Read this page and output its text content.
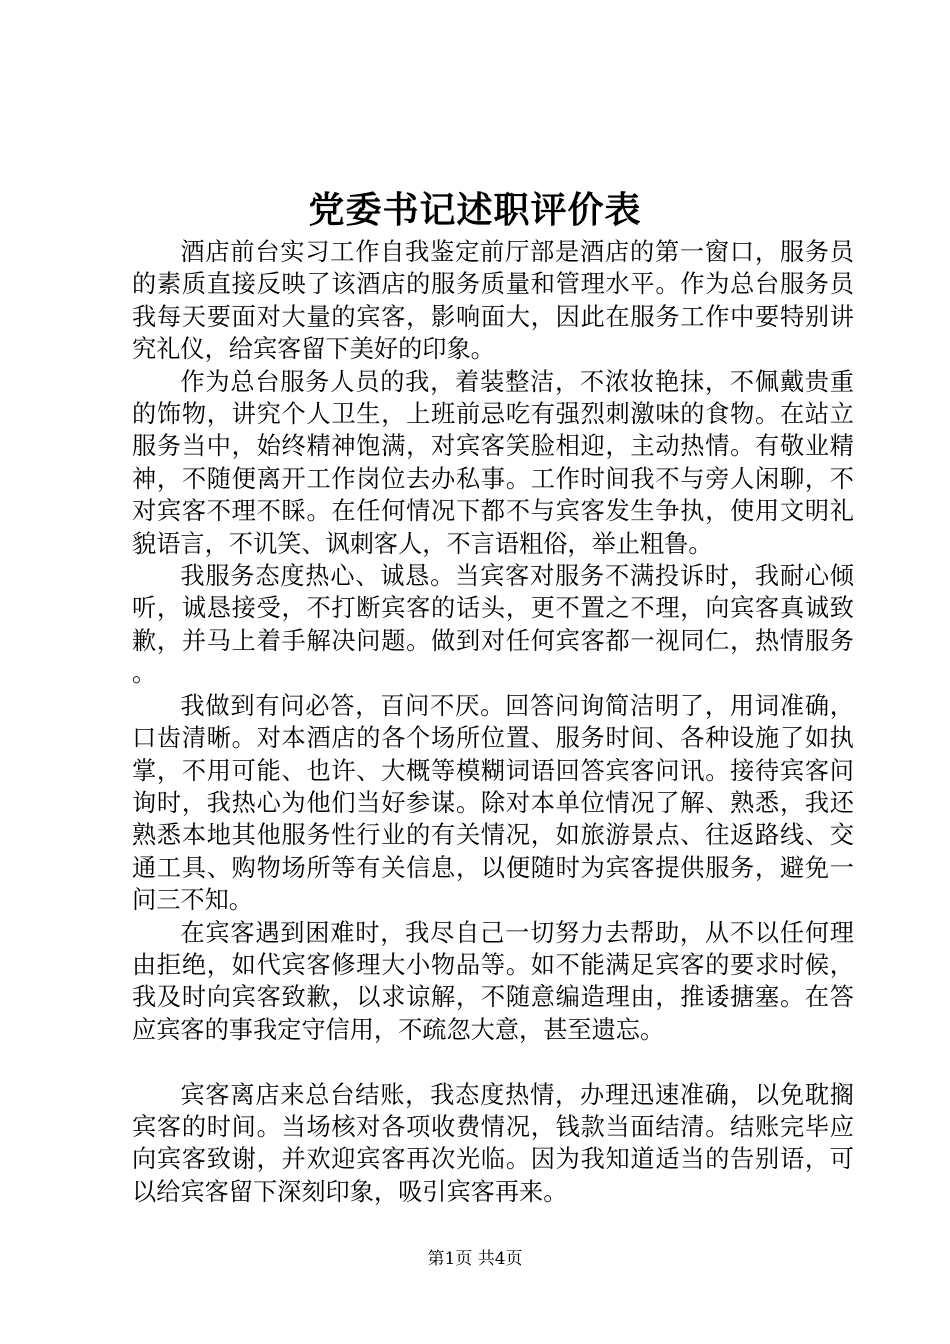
党委书记述职评价表

酒店前台实习工作自我鉴定前厅部是酒店的第一窗口，服务员的素质直接反映了该酒店的服务质量和管理水平。作为总台服务员我每天要面对大量的宾客，影响面大，因此在服务工作中要特别讲究礼仪，给宾客留下美好的印象。

作为总台服务人员的我，着装整洁，不浓妆艳抹，不佩戴贵重的饰物，讲究个人卫生，上班前忌吃有强烈刺激味的食物。在站立服务当中，始终精神饱满，对宾客笑脸相迎，主动热情。有敬业精神，不随便离开工作岗位去办私事。工作时间我不与旁人闲聊，不对宾客不理不睬。在任何情况下都不与宾客发生争执，使用文明礼貌语言，不讥笑、讽刺客人，不言语粗俗，举止粗鲁。

我服务态度热心、诚恳。当宾客对服务不满投诉时，我耐心倾听，诚恳接受，不打断宾客的话头，更不置之不理，向宾客真诚致歉，并马上着手解决问题。做到对任何宾客都一视同仁，热情服务。

我做到有问必答，百问不厌。回答问询简洁明了，用词准确，口齿清晰。对本酒店的各个场所位置、服务时间、各种设施了如执掌，不用可能、也许、大概等模糊词语回答宾客问讯。接待宾客问询时，我热心为他们当好参谋。除对本单位情况了解、熟悉，我还熟悉本地其他服务性行业的有关情况，如旅游景点、往返路线、交通工具、购物场所等有关信息，以便随时为宾客提供服务，避免一问三不知。

在宾客遇到困难时，我尽自己一切努力去帮助，从不以任何理由拒绝，如代宾客修理大小物品等。如不能满足宾客的要求时候，我及时向宾客致歉，以求谅解，不随意编造理由，推诿搪塞。在答应宾客的事我定守信用，不疏忽大意，甚至遗忘。

宾客离店来总台结账，我态度热情，办理迅速准确，以免耽搁宾客的时间。当场核对各项收费情况，钱款当面结清。结账完毕应向宾客致谢，并欢迎宾客再次光临。因为我知道适当的告别语，可以给宾客留下深刻印象，吸引宾客再来。

第1页 共4页
